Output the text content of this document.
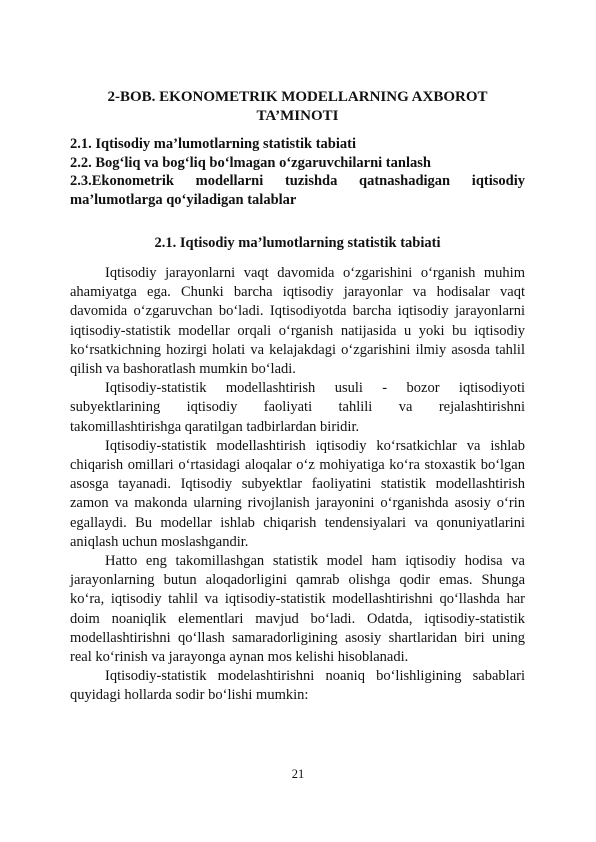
2-BOB. EKONOMETRIK MODELLARNING AXBOROT TA’MINOTI

2.1. Iqtisodiy ma’lumotlarning statistik tabiati

2.2. Bog‘liq va bog‘liq bo‘lmagan o‘zgaruvchilarni tanlash

2.3.Ekonometrik modellarni tuzishda qatnashadigan iqtisodiy ma’lumotlarga qo‘yiladigan talablar

2.1. Iqtisodiy ma’lumotlarning statistik tabiati

Iqtisodiy jarayonlarni vaqt davomida o‘zgarishini o‘rganish muhim ahamiyatga ega. Chunki barcha iqtisodiy jarayonlar va hodisalar vaqt davomida o‘zgaruvchan bo‘ladi. Iqtisodiyotda barcha iqtisodiy jarayonlarni iqtisodiy-statistik modellar orqali o‘rganish natijasida u yoki bu iqtisodiy ko‘rsatkichning hozirgi holati va kelajakdagi o‘zgarishini ilmiy asosda tahlil qilish va bashoratlash mumkin bo‘ladi.

Iqtisodiy-statistik modellashtirish usuli - bozor iqtisodiyoti subyektlarining iqtisodiy faoliyati tahlili va rejalashtirishni takomillashtirishga qaratilgan tadbirlardan biridir.

Iqtisodiy-statistik modellashtirish iqtisodiy ko‘rsatkichlar va ishlab chiqarish omillari o‘rtasidagi aloqalar o‘z mohiyatiga ko‘ra stoxastik bo‘lgan asosga tayanadi. Iqtisodiy subyektlar faoliyatini statistik modellashtirish zamon va makonda ularning rivojlanish jarayonini o‘rganishda asosiy o‘rin egallaydi. Bu modellar ishlab chiqarish tendensiyalari va qonuniyatlarini aniqlash uchun moslashgandir.

Hatto eng takomillashgan statistik model ham iqtisodiy hodisa va jarayonlarning butun aloqadorligini qamrab olishga qodir emas. Shunga ko‘ra, iqtisodiy tahlil va iqtisodiy-statistik modellashtirishni qo‘llashda har doim noaniqlik elementlari mavjud bo‘ladi. Odatda, iqtisodiy-statistik modellashtirishni qo‘llash samaradorligining asosiy shartlaridan biri uning real ko‘rinish va jarayonga aynan mos kelishi hisoblanadi.

Iqtisodiy-statistik modelashtirishni noaniq bo‘lishligining sabablari quyidagi hollarda sodir bo‘lishi mumkin:

21
